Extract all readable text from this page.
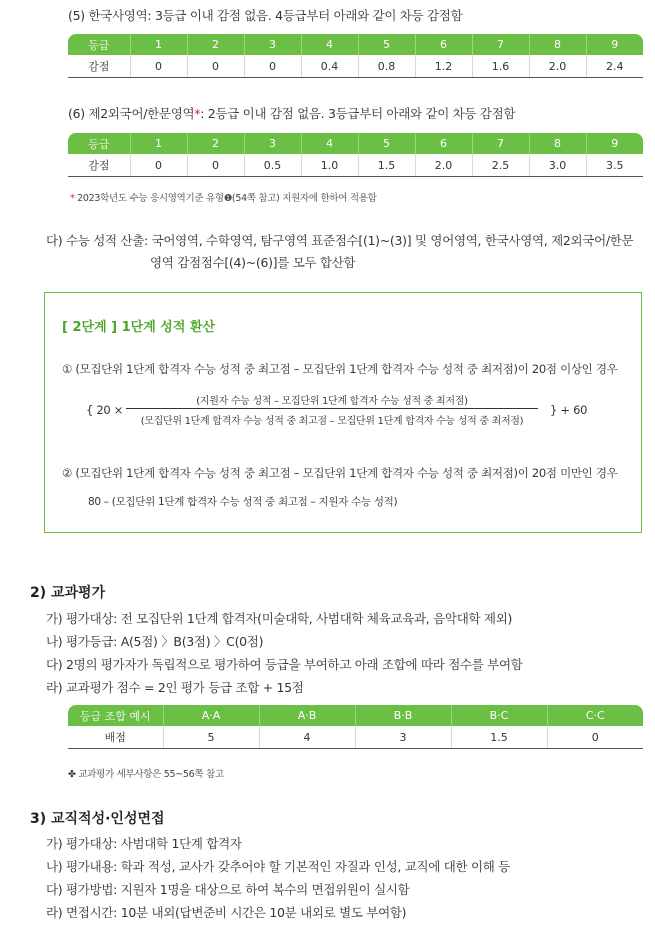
(5) 한국사영역: 3등급 이내 감점 없음. 4등급부터 아래와 같이 차등 감점함
등급	1	2	3	4	5	6	7	8	9
감점	0	0	0	0.4	0.8	1.2	1.6	2.0	2.4
(6) 제2외국어/한문영역*: 2등급 이내 감점 없음. 3등급부터 아래와 같이 차등 감점함
등급	1	2	3	4	5	6	7	8	9
감점	0	0	0.5	1.0	1.5	2.0	2.5	3.0	3.5
* 2023학년도 수능 응시영역기준 유형❶(54쪽 참고) 지원자에 한하여 적용함
다) 수능 성적 산출: 국어영역, 수학영역, 탐구영역 표준점수[(1)~(3)] 및 영어영역, 한국사영역, 제2외국어/한문
영역 감점점수[(4)~(6)]를 모두 합산함
[ 2단계 ] 1단계 성적 환산
① (모집단위 1단계 합격자 수능 성적 중 최고점 – 모집단위 1단계 합격자 수능 성적 중 최저점)이 20점 이상인 경우
{ 20 ×
(지원자 수능 성적 – 모집단위 1단계 합격자 수능 성적 중 최저점)
(모집단위 1단계 합격자 수능 성적 중 최고점 – 모집단위 1단계 합격자 수능 성적 중 최저점)
} + 60
② (모집단위 1단계 합격자 수능 성적 중 최고점 – 모집단위 1단계 합격자 수능 성적 중 최저점)이 20점 미만인 경우
80 – (모집단위 1단계 합격자 수능 성적 중 최고점 – 지원자 수능 성적)
2) 교과평가
가) 평가대상: 전 모집단위 1단계 합격자(미술대학, 사범대학 체육교육과, 음악대학 제외)
나) 평가등급: A(5점) 〉B(3점) 〉C(0점)
다) 2명의 평가자가 독립적으로 평가하여 등급을 부여하고 아래 조합에 따라 점수를 부여함
라) 교과평가 점수 = 2인 평가 등급 조합 + 15점
등급 조합 예시	A·A	A·B	B·B	B·C	C·C
배점	5	4	3	1.5	0
✤ 교과평가 세부사항은 55~56쪽 참고
3) 교직적성·인성면접
가) 평가대상: 사범대학 1단계 합격자
나) 평가내용: 학과 적성, 교사가 갖추어야 할 기본적인 자질과 인성, 교직에 대한 이해 등
다) 평가방법: 지원자 1명을 대상으로 하여 복수의 면접위원이 실시함
라) 면접시간: 10분 내외(답변준비 시간은 10분 내외로 별도 부여함)
